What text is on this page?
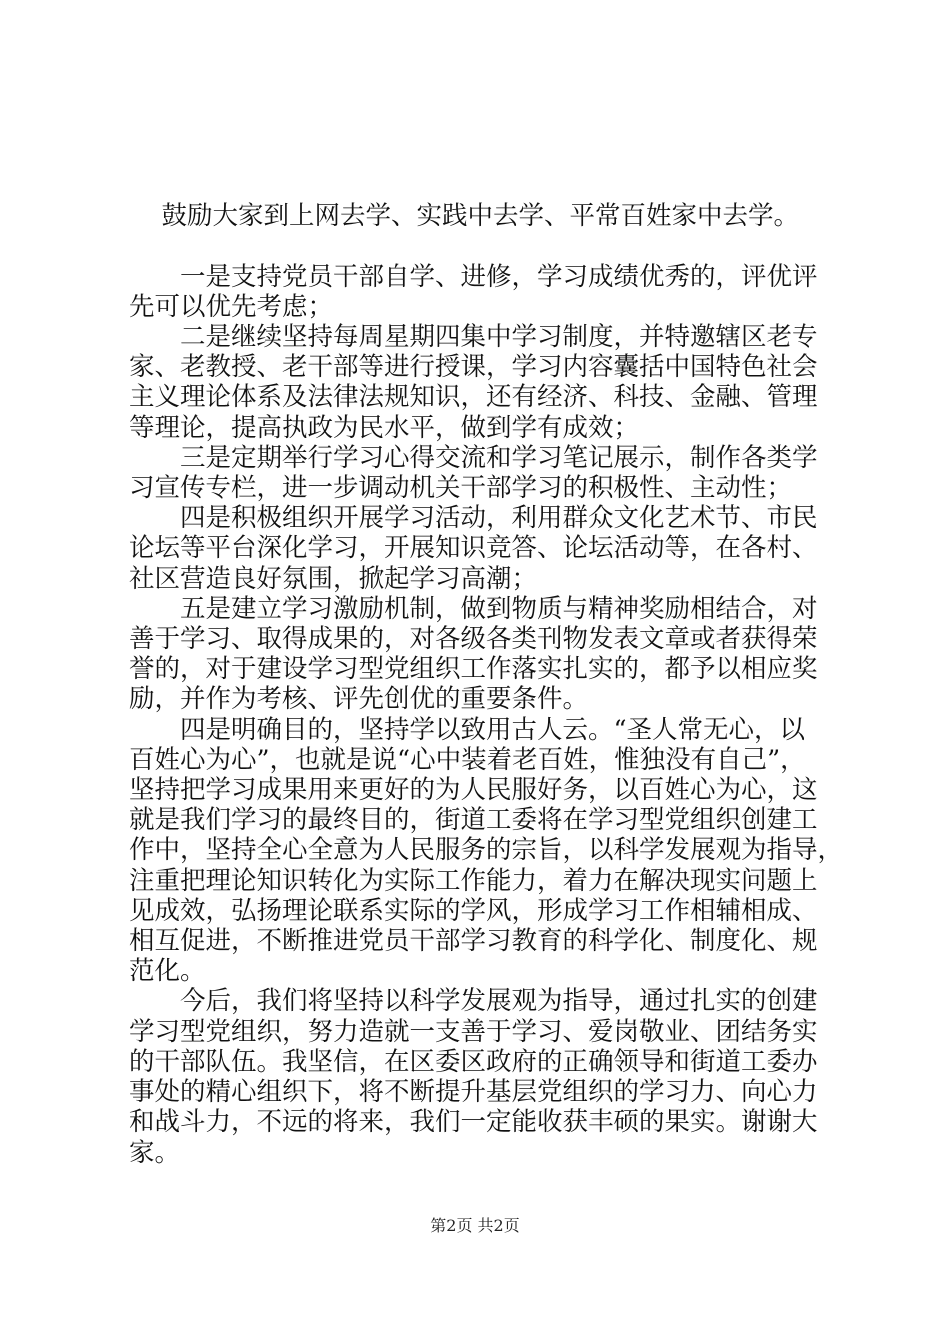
鼓励大家到上网去学、实践中去学、平常百姓家中去学。

　　一是支持党员干部自学、进修，学习成绩优秀的，评优评
先可以优先考虑；

　　二是继续坚持每周星期四集中学习制度，并特邀辖区老专
家、老教授、老干部等进行授课，学习内容囊括中国特色社会
主义理论体系及法律法规知识，还有经济、科技、金融、管理
等理论，提高执政为民水平，做到学有成效；

　　三是定期举行学习心得交流和学习笔记展示，制作各类学
习宣传专栏，进一步调动机关干部学习的积极性、主动性；

　　四是积极组织开展学习活动，利用群众文化艺术节、市民
论坛等平台深化学习，开展知识竞答、论坛活动等，在各村、
社区营造良好氛围，掀起学习高潮；

　　五是建立学习激励机制，做到物质与精神奖励相结合，对
善于学习、取得成果的，对各级各类刊物发表文章或者获得荣
誉的，对于建设学习型党组织工作落实扎实的，都予以相应奖
励，并作为考核、评先创优的重要条件。

　　四是明确目的，坚持学以致用古人云。“圣人常无心，以
百姓心为心”，也就是说“心中装着老百姓，惟独没有自己”，
坚持把学习成果用来更好的为人民服好务，以百姓心为心，这
就是我们学习的最终目的，街道工委将在学习型党组织创建工
作中，坚持全心全意为人民服务的宗旨，以科学发展观为指导，
注重把理论知识转化为实际工作能力，着力在解决现实问题上
见成效，弘扬理论联系实际的学风，形成学习工作相辅相成、
相互促进，不断推进党员干部学习教育的科学化、制度化、规
范化。

　　今后，我们将坚持以科学发展观为指导，通过扎实的创建
学习型党组织，努力造就一支善于学习、爱岗敬业、团结务实
的干部队伍。我坚信，在区委区政府的正确领导和街道工委办
事处的精心组织下，将不断提升基层党组织的学习力、向心力
和战斗力，不远的将来，我们一定能收获丰硕的果实。谢谢大
家。

第2页 共2页
